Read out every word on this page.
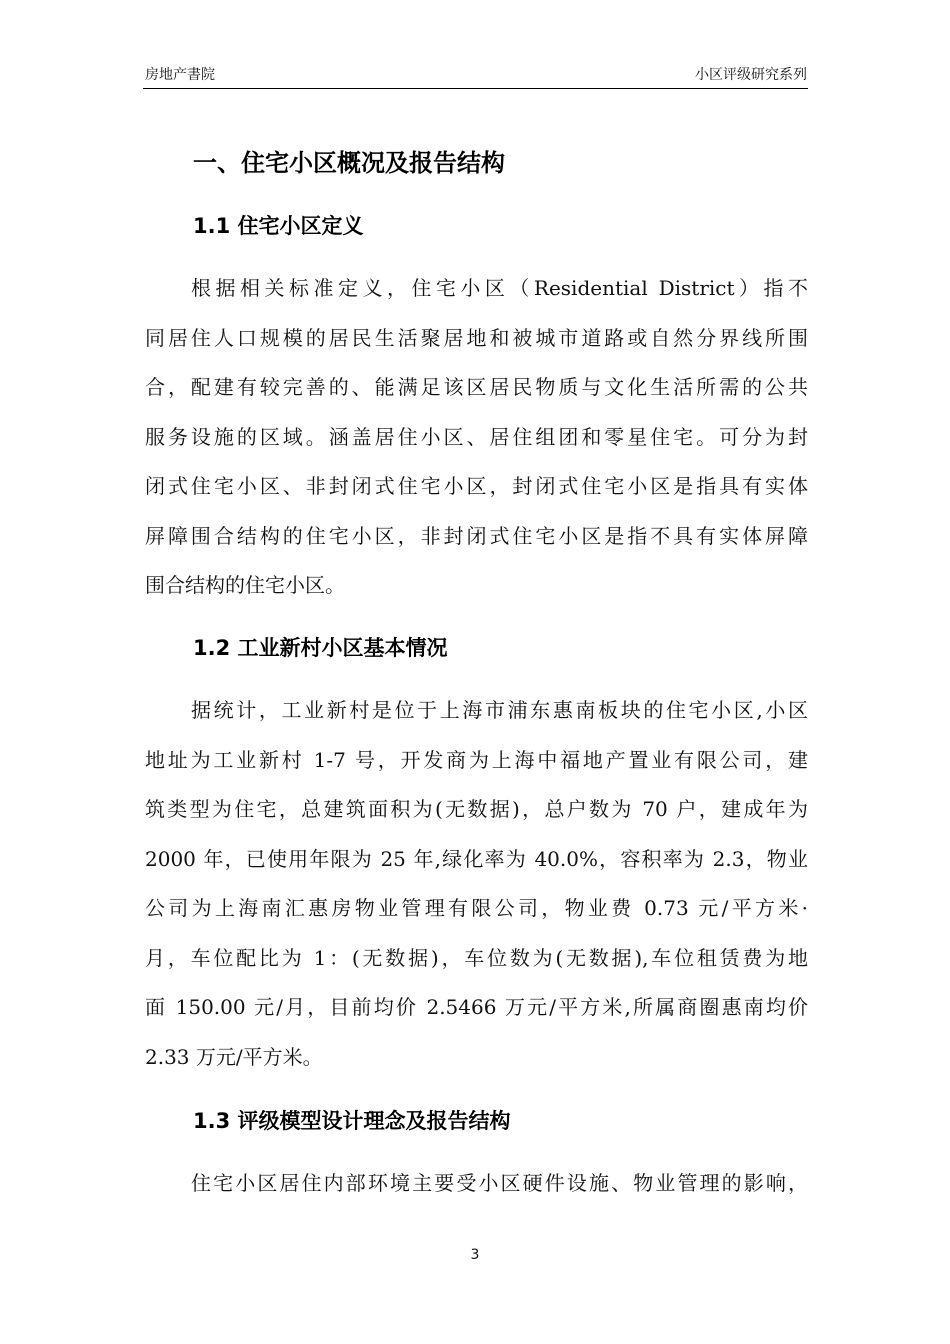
房地产書院	小区评级研究系列
一、住宅小区概况及报告结构
1.1 住宅小区定义
根据相关标准定义，住宅小区（Residential District）指不
同居住人口规模的居民生活聚居地和被城市道路或自然分界线所围
合，配建有较完善的、能满足该区居民物质与文化生活所需的公共
服务设施的区域。涵盖居住小区、居住组团和零星住宅。可分为封
闭式住宅小区、非封闭式住宅小区，封闭式住宅小区是指具有实体
屏障围合结构的住宅小区，非封闭式住宅小区是指不具有实体屏障
围合结构的住宅小区。
1.2 工业新村小区基本情况
据统计，工业新村是位于上海市浦东惠南板块的住宅小区,小区
地址为工业新村 1-7 号，开发商为上海中福地产置业有限公司，建
筑类型为住宅，总建筑面积为(无数据)，总户数为 70 户，建成年为
2000 年，已使用年限为 25 年,绿化率为 40.0%，容积率为 2.3，物业
公司为上海南汇惠房物业管理有限公司，物业费 0.73 元/平方米·
月，车位配比为 1：(无数据)，车位数为(无数据),车位租赁费为地
面 150.00 元/月，目前均价 2.5466 万元/平方米,所属商圈惠南均价
2.33 万元/平方米。
1.3 评级模型设计理念及报告结构
住宅小区居住内部环境主要受小区硬件设施、物业管理的影响，
3
